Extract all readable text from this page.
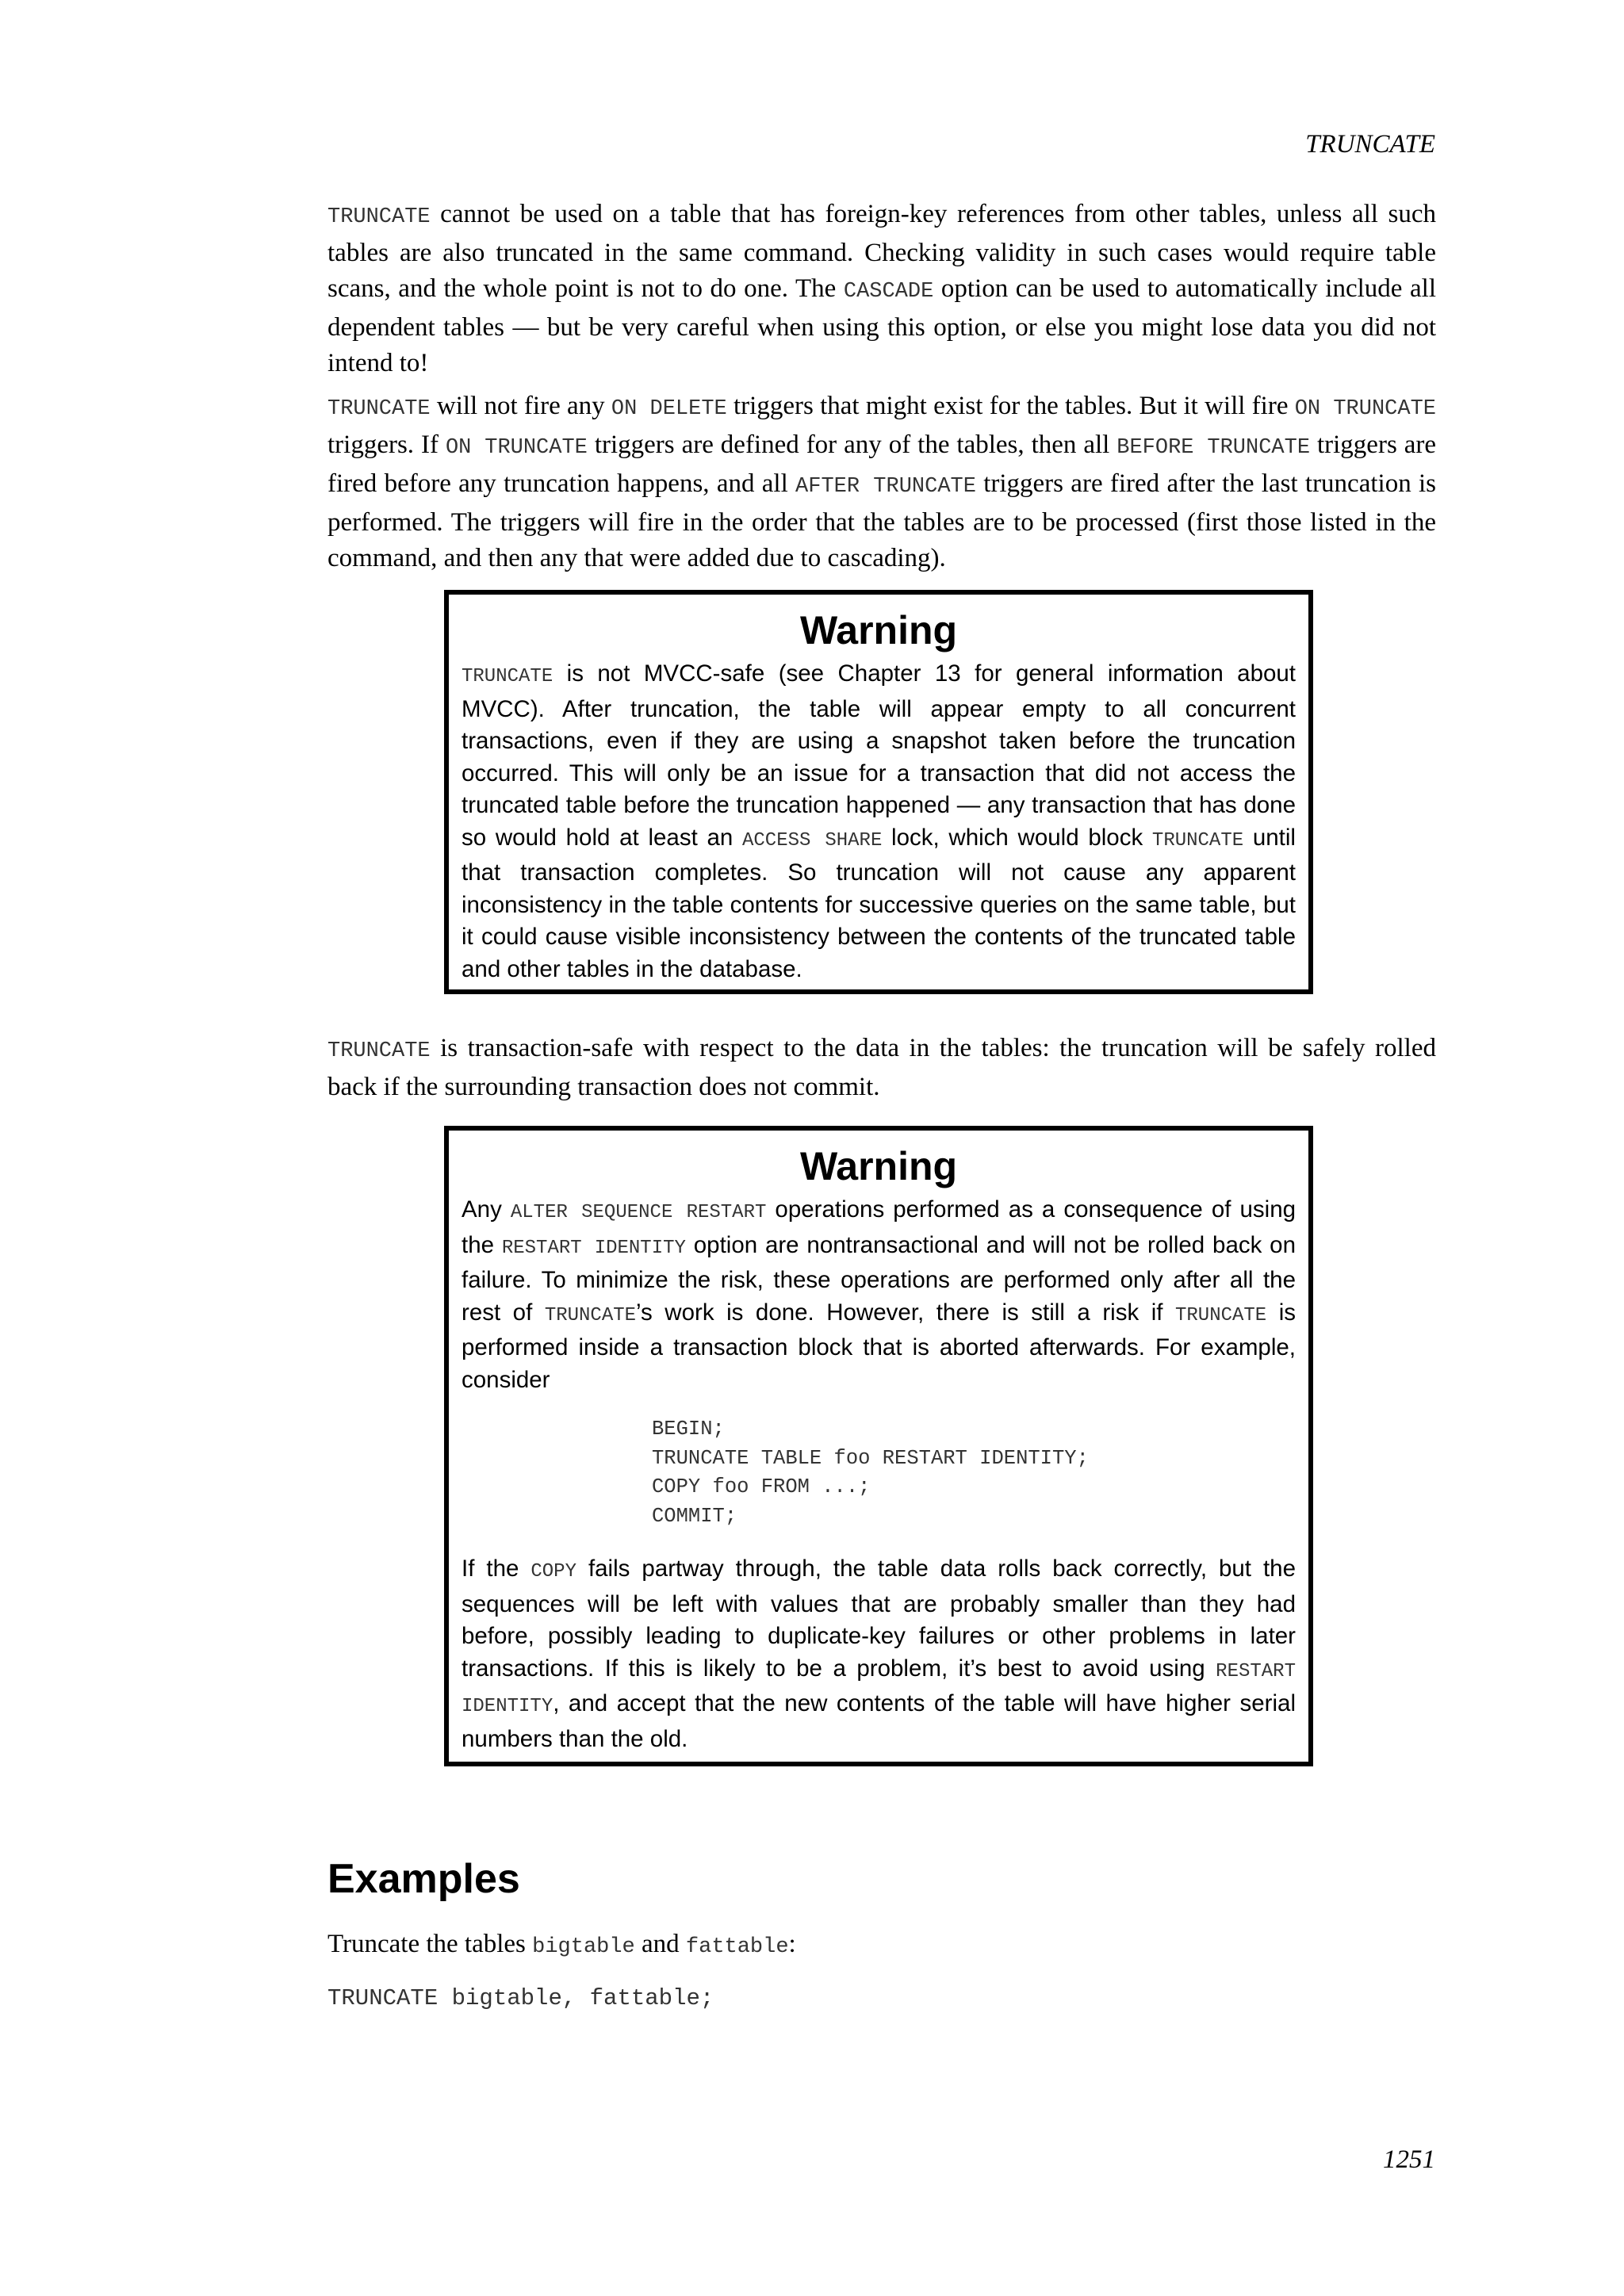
TRUNCATE

TRUNCATE cannot be used on a table that has foreign-key references from other tables, unless all such tables are also truncated in the same command. Checking validity in such cases would require table scans, and the whole point is not to do one. The CASCADE option can be used to automatically include all dependent tables — but be very careful when using this option, or else you might lose data you did not intend to!

TRUNCATE will not fire any ON DELETE triggers that might exist for the tables. But it will fire ON TRUNCATE triggers. If ON TRUNCATE triggers are defined for any of the tables, then all BEFORE TRUNCATE triggers are fired before any truncation happens, and all AFTER TRUNCATE triggers are fired after the last truncation is performed. The triggers will fire in the order that the tables are to be processed (first those listed in the command, and then any that were added due to cascading).

Warning

TRUNCATE is not MVCC-safe (see Chapter 13 for general information about MVCC). After truncation, the table will appear empty to all concurrent transactions, even if they are using a snapshot taken before the truncation occurred. This will only be an issue for a transaction that did not access the truncated table before the truncation happened — any transaction that has done so would hold at least an ACCESS SHARE lock, which would block TRUNCATE until that transaction completes. So truncation will not cause any apparent inconsistency in the table contents for successive queries on the same table, but it could cause visible inconsistency between the contents of the truncated table and other tables in the database.

TRUNCATE is transaction-safe with respect to the data in the tables: the truncation will be safely rolled back if the surrounding transaction does not commit.

Warning

Any ALTER SEQUENCE RESTART operations performed as a consequence of using the RESTART IDENTITY option are nontransactional and will not be rolled back on failure. To minimize the risk, these operations are performed only after all the rest of TRUNCATE’s work is done. However, there is still a risk if TRUNCATE is performed inside a transaction block that is aborted afterwards. For example, consider

BEGIN;
TRUNCATE TABLE foo RESTART IDENTITY;
COPY foo FROM ...;
COMMIT;

If the COPY fails partway through, the table data rolls back correctly, but the sequences will be left with values that are probably smaller than they had before, possibly leading to duplicate-key failures or other problems in later transactions. If this is likely to be a problem, it’s best to avoid using RESTART IDENTITY, and accept that the new contents of the table will have higher serial numbers than the old.

Examples

Truncate the tables bigtable and fattable:

TRUNCATE bigtable, fattable;
1251
